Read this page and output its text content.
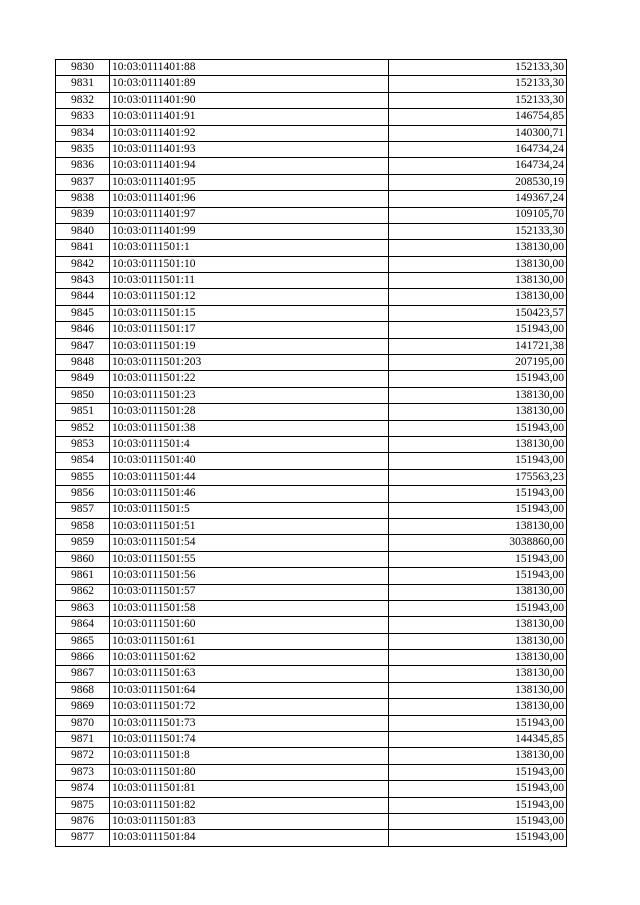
9830	10:03:0111401:88	152133,30
9831	10:03:0111401:89	152133,30
9832	10:03:0111401:90	152133,30
9833	10:03:0111401:91	146754,85
9834	10:03:0111401:92	140300,71
9835	10:03:0111401:93	164734,24
9836	10:03:0111401:94	164734,24
9837	10:03:0111401:95	208530,19
9838	10:03:0111401:96	149367,24
9839	10:03:0111401:97	109105,70
9840	10:03:0111401:99	152133,30
9841	10:03:0111501:1	138130,00
9842	10:03:0111501:10	138130,00
9843	10:03:0111501:11	138130,00
9844	10:03:0111501:12	138130,00
9845	10:03:0111501:15	150423,57
9846	10:03:0111501:17	151943,00
9847	10:03:0111501:19	141721,38
9848	10:03:0111501:203	207195,00
9849	10:03:0111501:22	151943,00
9850	10:03:0111501:23	138130,00
9851	10:03:0111501:28	138130,00
9852	10:03:0111501:38	151943,00
9853	10:03:0111501:4	138130,00
9854	10:03:0111501:40	151943,00
9855	10:03:0111501:44	175563,23
9856	10:03:0111501:46	151943,00
9857	10:03:0111501:5	151943,00
9858	10:03:0111501:51	138130,00
9859	10:03:0111501:54	3038860,00
9860	10:03:0111501:55	151943,00
9861	10:03:0111501:56	151943,00
9862	10:03:0111501:57	138130,00
9863	10:03:0111501:58	151943,00
9864	10:03:0111501:60	138130,00
9865	10:03:0111501:61	138130,00
9866	10:03:0111501:62	138130,00
9867	10:03:0111501:63	138130,00
9868	10:03:0111501:64	138130,00
9869	10:03:0111501:72	138130,00
9870	10:03:0111501:73	151943,00
9871	10:03:0111501:74	144345,85
9872	10:03:0111501:8	138130,00
9873	10:03:0111501:80	151943,00
9874	10:03:0111501:81	151943,00
9875	10:03:0111501:82	151943,00
9876	10:03:0111501:83	151943,00
9877	10:03:0111501:84	151943,00
